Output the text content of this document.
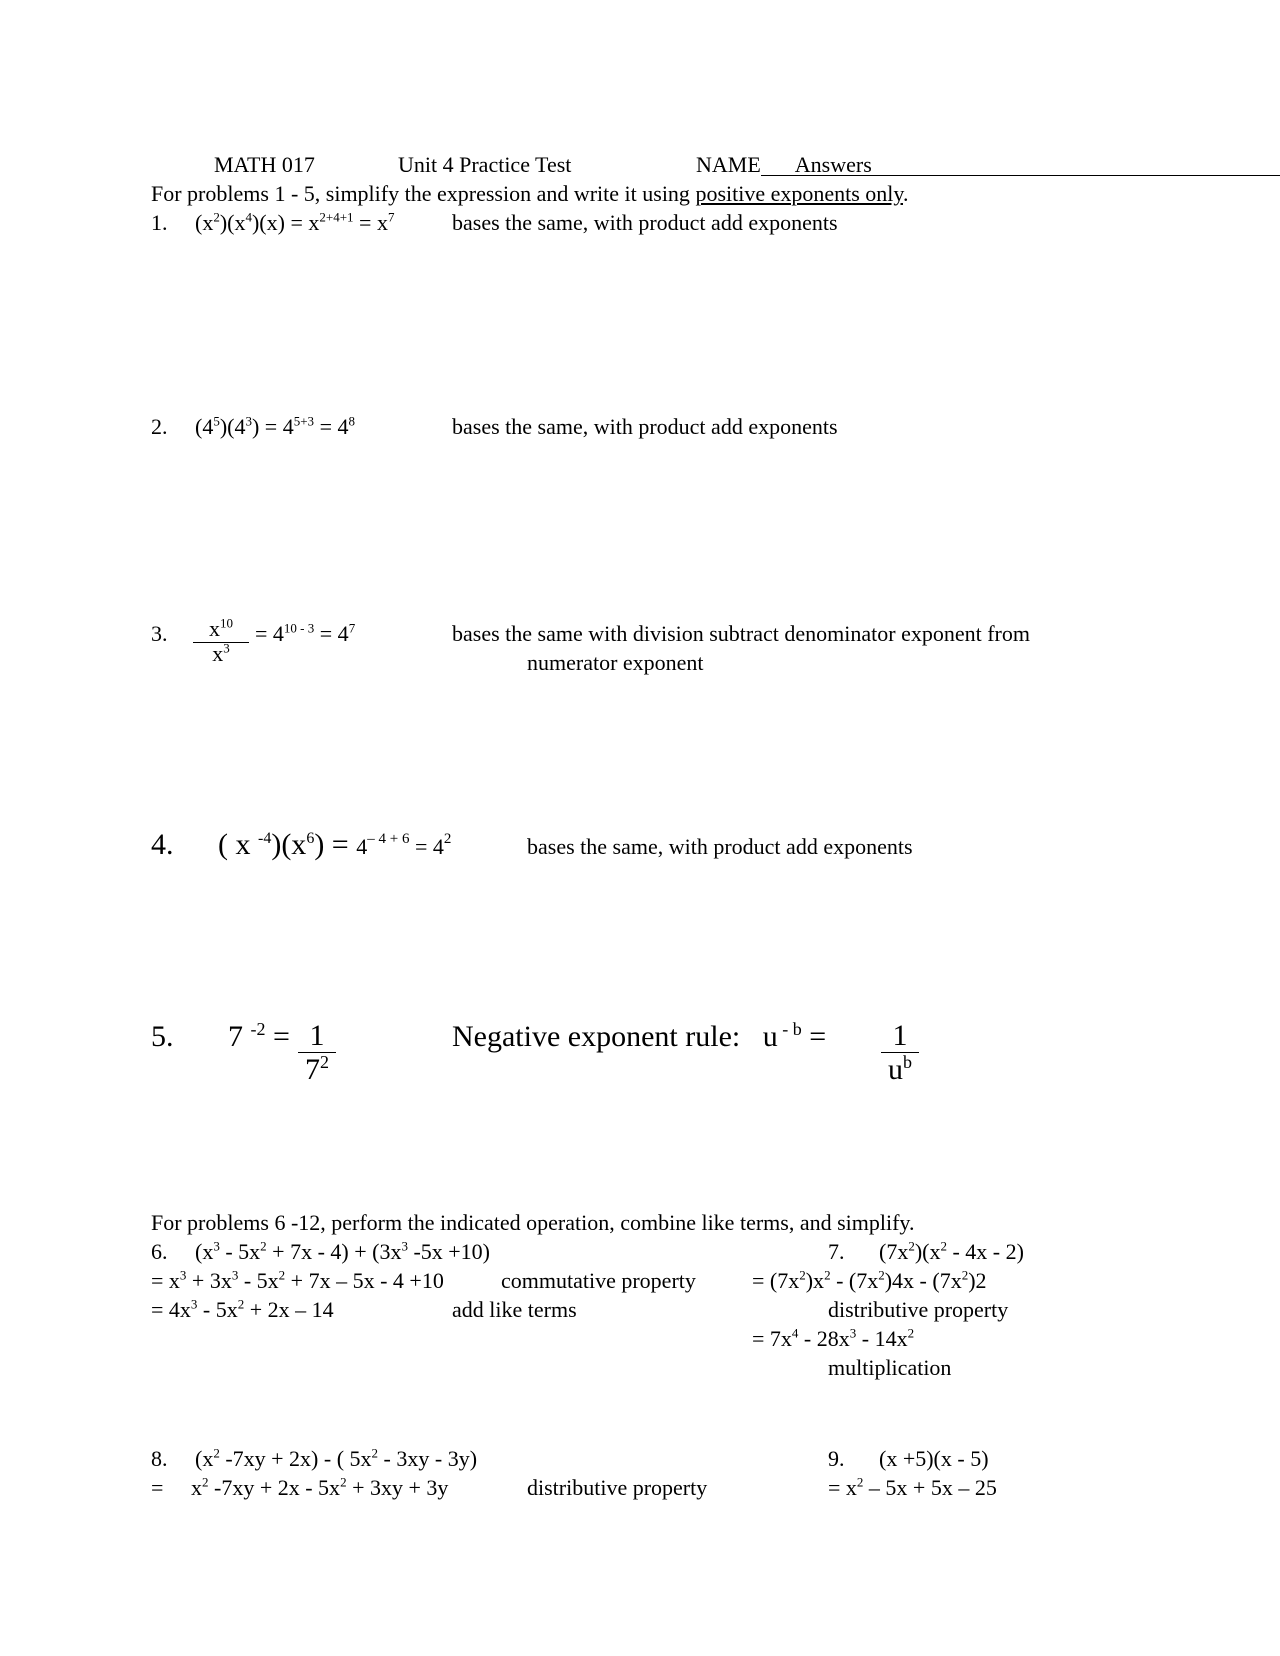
MATH 017	Unit 4 Practice Test	NAME Answers
For problems 1 - 5, simplify the expression and write it using positive exponents only.
1. $(x^2)(x^4)(x) = x^{2+4+1} = x^7$	bases the same, with product add exponents
2. $(4^5)(4^3) = 4^{5+3} = 4^8$	bases the same, with product add exponents
3. $\frac{x^{10}}{x^3} = 4^{10 - 3} = 4^7$	bases the same with division subtract denominator exponent from
numerator exponent
4. ( x $^{-4})(x^6) = 4^{- 4 + 6} = 4^2$	bases the same, with product add exponents
5. 7 $^{-2} = \frac{1}{7^2}$	Negative exponent rule:   u $^{- b} = \frac{1}{u^b}$
For problems 6 -12, perform the indicated operation, combine like terms, and simplify.
6. $(x^3 - 5x^2 + 7x - 4) + (3x^3$ -5x +10)
= $x^3 + 3x^3 - 5x^2 + 7x - 5x - 4 +10$	commutative property
= $4x^3 - 5x^2 + 2x - 14$	add like terms
7. $(7x^2)(x^2 - 4x - 2)$
= $(7x^2)x^2 - (7x^2)4x - (7x^2)2$
distributive property
= $7x^4 - 28x^3 - 14x^2$
multiplication
8. ($x^2$ -7xy + 2x) - ( $5x^2 - 3xy - 3y$)
= $x^2$ $-7xy + 2x - 5x^2 + 3xy + 3y$	distributive property
9. (x +5)(x - 5)
= $x^2 - 5x + 5x - 25$
